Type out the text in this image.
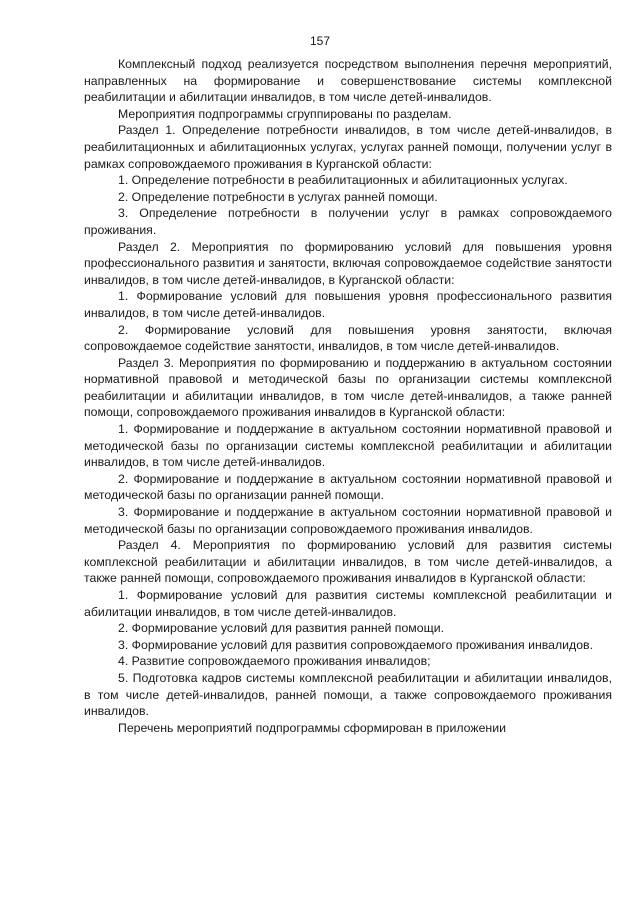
157

Комплексный подход реализуется посредством выполнения перечня мероприятий, направленных на формирование и совершенствование системы комплексной реабилитации и абилитации инвалидов, в том числе детей-инвалидов.

Мероприятия подпрограммы сгруппированы по разделам.

Раздел 1. Определение потребности инвалидов, в том числе детей-инвалидов, в реабилитационных и абилитационных услугах, услугах ранней помощи, получении услуг в рамках сопровождаемого проживания в Курганской области:

1. Определение потребности в реабилитационных и абилитационных услугах.

2. Определение потребности в услугах ранней помощи.

3. Определение потребности в получении услуг в рамках сопровождаемого проживания.

Раздел 2. Мероприятия по формированию условий для повышения уровня профессионального развития и занятости, включая сопровождаемое содействие занятости инвалидов, в том числе детей-инвалидов, в Курганской области:

1. Формирование условий для повышения уровня профессионального развития инвалидов, в том числе детей-инвалидов.

2. Формирование условий для повышения уровня занятости, включая сопровождаемое содействие занятости, инвалидов, в том числе детей-инвалидов.

Раздел 3. Мероприятия по формированию и поддержанию в актуальном состоянии нормативной правовой и методической базы по организации системы комплексной реабилитации и абилитации инвалидов, в том числе детей-инвалидов, а также ранней помощи, сопровождаемого проживания инвалидов в Курганской области:

1. Формирование и поддержание в актуальном состоянии нормативной правовой и методической базы по организации системы комплексной реабилитации и абилитации инвалидов, в том числе детей-инвалидов.

2. Формирование и поддержание в актуальном состоянии нормативной правовой и методической базы по организации ранней помощи.

3. Формирование и поддержание в актуальном состоянии нормативной правовой и методической базы по организации сопровождаемого проживания инвалидов.

Раздел 4. Мероприятия по формированию условий для развития системы комплексной реабилитации и абилитации инвалидов, в том числе детей-инвалидов, а также ранней помощи, сопровождаемого проживания инвалидов в Курганской области:

1. Формирование условий для развития системы комплексной реабилитации и абилитации инвалидов, в том числе детей-инвалидов.

2. Формирование условий для развития ранней помощи.

3. Формирование условий для развития сопровождаемого проживания инвалидов.

4. Развитие сопровождаемого проживания инвалидов;

5. Подготовка кадров системы комплексной реабилитации и абилитации инвалидов, в том числе детей-инвалидов, ранней помощи, а также сопровождаемого проживания инвалидов.

Перечень мероприятий подпрограммы сформирован в приложении
